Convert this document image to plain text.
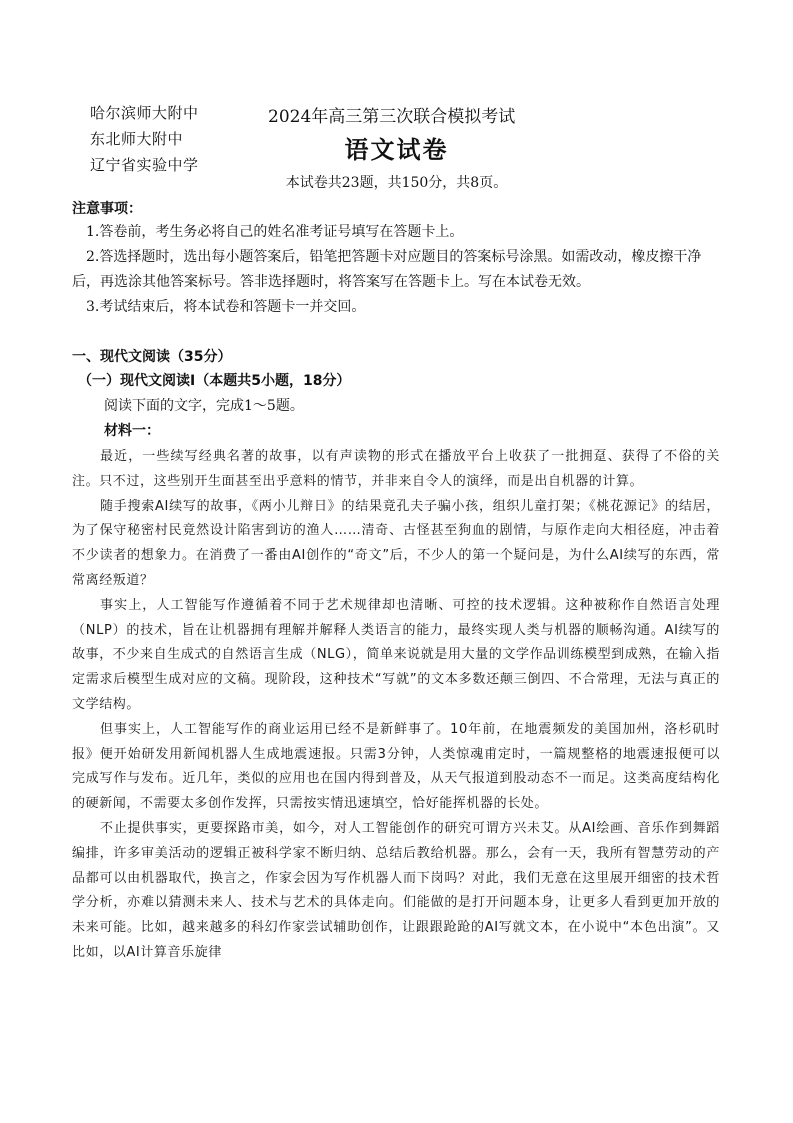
哈尔滨师大附中
东北师大附中
辽宁省实验中学
2024年高三第三次联合模拟考试
语文试卷
本试卷共23题，共150分，共8页。
注意事项：

1.答卷前，考生务必将自己的姓名准考证号填写在答题卡上。

2.答选择题时，选出每小题答案后，铅笔把答题卡对应题目的答案标号涂黑。如需改动，橡皮擦干净后，再选涂其他答案标号。答非选择题时，将答案写在答题卡上。写在本试卷无效。

3.考试结束后，将本试卷和答题卡一并交回。

一、现代文阅读（35分）
（一）现代文阅读Ⅰ（本题共5小题，18分）
阅读下面的文字，完成1～5题。
材料一：

最近，一些续写经典名著的故事，以有声读物的形式在播放平台上收获了一批拥趸、获得了不俗的关注。只不过，这些别开生面甚至出乎意料的情节，并非来自令人的演绎，而是出自机器的计算。

随手搜索AI续写的故事，《两小儿辩日》的结果竟孔夫子骗小孩，组织儿童打架；《桃花源记》的结居，为了保守秘密村民竟然设计陷害到访的渔人……清奇、古怪甚至狗血的剧情，与原作走向大相径庭，冲击着不少读者的想象力。在消费了一番由AI创作的“奇文”后，不少人的第一个疑问是，为什么AI续写的东西，常常离经叛道？

事实上，人工智能写作遵循着不同于艺术规律却也清晰、可控的技术逻辑。这种被称作自然语言处理（NLP）的技术，旨在让机器拥有理解并解释人类语言的能力，最终实现人类与机器的顺畅沟通。AI续写的故事，不少来自生成式的自然语言生成（NLG），简单来说就是用大量的文学作品训练模型到成熟，在输入指定需求后模型生成对应的文稿。现阶段，这种技术“写就”的文本多数还颠三倒四、不合常理，无法与真正的文学结构。

但事实上，人工智能写作的商业运用已经不是新鲜事了。10年前，在地震频发的美国加州，洛杉矶时报》便开始研发用新闻机器人生成地震速报。只需3分钟，人类惊魂甫定时，一篇规整格的地震速报便可以完成写作与发布。近几年，类似的应用也在国内得到普及，从天气报道到股动态不一而足。这类高度结构化的硬新闻，不需要太多创作发挥，只需按实情迅速填空，恰好能挥机器的长处。

不止提供事实，更要探路市美，如今，对人工智能创作的研究可谓方兴未艾。从AI绘画、音乐作到舞蹈编排，许多审美活动的逻辑正被科学家不断归纳、总结后教给机器。那么，会有一天，我所有智慧劳动的产品都可以由机器取代，换言之，作家会因为写作机器人而下岗吗？对此，我们无意在这里展开细密的技术哲学分析，亦难以猜测未来人、技术与艺术的具体走向。们能做的是打开问题本身，让更多人看到更加开放的未来可能。比如，越来越多的科幻作家尝试辅助创作，让跟跟跄跄的AI写就文本，在小说中“本色出演”。又比如，以AI计算音乐旋律
